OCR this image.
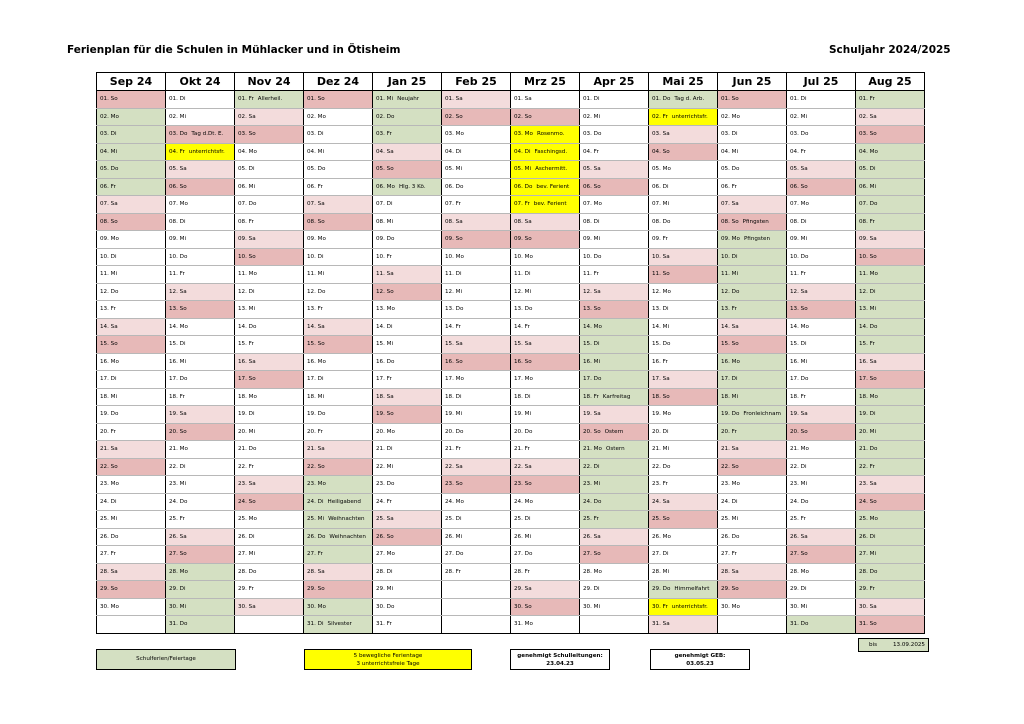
Ferienplan für die Schulen in Mühlacker und in Ötisheim	Schuljahr 2024/2025
Sep 24	Okt 24	Nov 24	Dez 24	Jan 25	Feb 25	Mrz 25	Apr 25	Mai 25	Jun 25	Jul 25	Aug 25
01. So	01. Di	01. Fr Allerheil.	01. So	01. Mi Neujahr	01. Sa	01. Sa	01. Di	01. Do Tag d. Arb.	01. So	01. Di	01. Fr
02. Mo	02. Mi	02. Sa	02. Mo	02. Do	02. So	02. So	02. Mi	02. Fr unterrichtsfr.	02. Mo	02. Mi	02. Sa
03. Di	03. Do Tag d.Dt. E.	03. So	03. Di	03. Fr	03. Mo	03. Mo Rosenmo.	03. Do	03. Sa	03. Di	03. Do	03. So
04. Mi	04. Fr unterrichtsfr.	04. Mo	04. Mi	04. Sa	04. Di	04. Di Faschingsd.	04. Fr	04. So	04. Mi	04. Fr	04. Mo
05. Do	05. Sa	05. Di	05. Do	05. So	05. Mi	05. Mi Aschermitt.	05. Sa	05. Mo	05. Do	05. Sa	05. Di
06. Fr	06. So	06. Mi	06. Fr	06. Mo Hlg. 3 Kö.	06. Do	06. Do bev. Ferient	06. So	06. Di	06. Fr	06. So	06. Mi
07. Sa	07. Mo	07. Do	07. Sa	07. Di	07. Fr	07. Fr bev. Ferient	07. Mo	07. Mi	07. Sa	07. Mo	07. Do
08. So	08. Di	08. Fr	08. So	08. Mi	08. Sa	08. Sa	08. Di	08. Do	08. So Pfingsten	08. Di	08. Fr
09. Mo	09. Mi	09. Sa	09. Mo	09. Do	09. So	09. So	09. Mi	09. Fr	09. Mo Pfingsten	09. Mi	09. Sa
10. Di	10. Do	10. So	10. Di	10. Fr	10. Mo	10. Mo	10. Do	10. Sa	10. Di	10. Do	10. So
11. Mi	11. Fr	11. Mo	11. Mi	11. Sa	11. Di	11. Di	11. Fr	11. So	11. Mi	11. Fr	11. Mo
12. Do	12. Sa	12. Di	12. Do	12. So	12. Mi	12. Mi	12. Sa	12. Mo	12. Do	12. Sa	12. Di
13. Fr	13. So	13. Mi	13. Fr	13. Mo	13. Do	13. Do	13. So	13. Di	13. Fr	13. So	13. Mi
14. Sa	14. Mo	14. Do	14. Sa	14. Di	14. Fr	14. Fr	14. Mo	14. Mi	14. Sa	14. Mo	14. Do
15. So	15. Di	15. Fr	15. So	15. Mi	15. Sa	15. Sa	15. Di	15. Do	15. So	15. Di	15. Fr
16. Mo	16. Mi	16. Sa	16. Mo	16. Do	16. So	16. So	16. Mi	16. Fr	16. Mo	16. Mi	16. Sa
17. Di	17. Do	17. So	17. Di	17. Fr	17. Mo	17. Mo	17. Do	17. Sa	17. Di	17. Do	17. So
18. Mi	18. Fr	18. Mo	18. Mi	18. Sa	18. Di	18. Di	18. Fr Karfreitag	18. So	18. Mi	18. Fr	18. Mo
19. Do	19. Sa	19. Di	19. Do	19. So	19. Mi	19. Mi	19. Sa	19. Mo	19. Do Fronleichnam	19. Sa	19. Di
20. Fr	20. So	20. Mi	20. Fr	20. Mo	20. Do	20. Do	20. So Ostern	20. Di	20. Fr	20. So	20. Mi
21. Sa	21. Mo	21. Do	21. Sa	21. Di	21. Fr	21. Fr	21. Mo Ostern	21. Mi	21. Sa	21. Mo	21. Do
22. So	22. Di	22. Fr	22. So	22. Mi	22. Sa	22. Sa	22. Di	22. Do	22. So	22. Di	22. Fr
23. Mo	23. Mi	23. Sa	23. Mo	23. Do	23. So	23. So	23. Mi	23. Fr	23. Mo	23. Mi	23. Sa
24. Di	24. Do	24. So	24. Di Heiligabend	24. Fr	24. Mo	24. Mo	24. Do	24. Sa	24. Di	24. Do	24. So
25. Mi	25. Fr	25. Mo	25. Mi Weihnachten	25. Sa	25. Di	25. Di	25. Fr	25. So	25. Mi	25. Fr	25. Mo
26. Do	26. Sa	26. Di	26. Do Weihnachten	26. So	26. Mi	26. Mi	26. Sa	26. Mo	26. Do	26. Sa	26. Di
27. Fr	27. So	27. Mi	27. Fr	27. Mo	27. Do	27. Do	27. So	27. Di	27. Fr	27. So	27. Mi
28. Sa	28. Mo	28. Do	28. Sa	28. Di	28. Fr	28. Fr	28. Mo	28. Mi	28. Sa	28. Mo	28. Do
29. So	29. Di	29. Fr	29. So	29. Mi		29. Sa	29. Di	29. Do Himmelfahrt	29. So	29. Di	29. Fr
30. Mo	30. Mi	30. Sa	30. Mo	30. Do		30. So	30. Mi	30. Fr unterrichtsfr.	30. Mo	30. Mi	30. Sa
	31. Do		31. Di Silvester	31. Fr		31. Mo		31. Sa		31. Do	31. So
bis	13.09.2025
Schulferien/Feiertage	5 bewegliche Ferientage
3 unterrichtsfreie Tage
genehmigt Schulleitungen:
23.04.23
genehmigt GEB:
03.05.23
